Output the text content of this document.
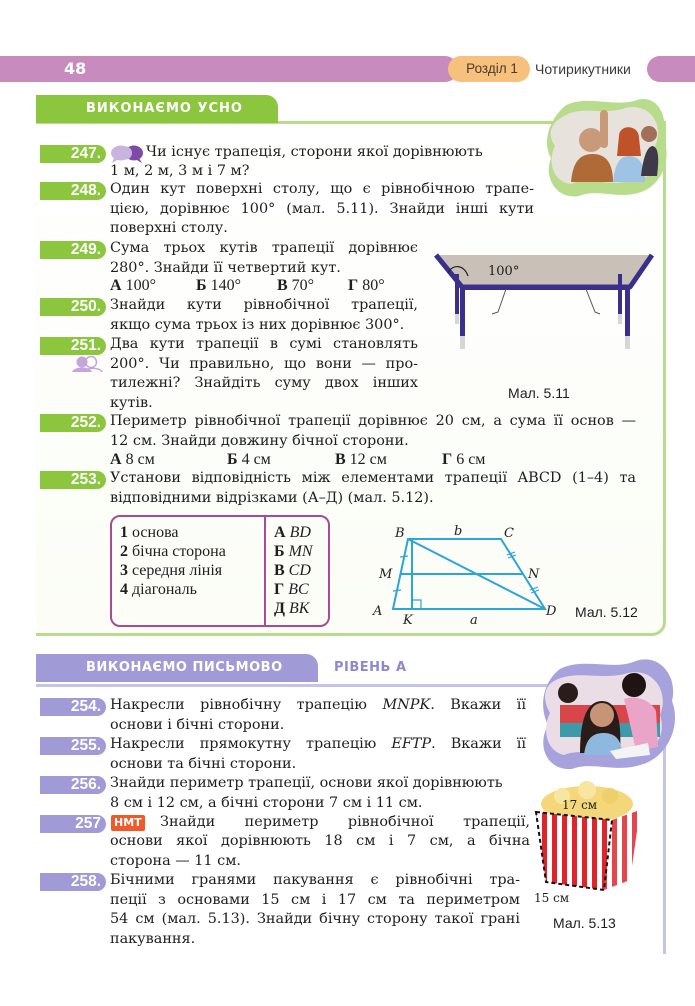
48	Розділ 1	Чотирикутники
ВИКОНАЄМО УСНО
247.	Чи існує трапеція, сторони якої дорівнюють
1 м, 2 м, 3 м і 7 м?
248. Один кут поверхні столу, що є рівнобічною трапе-
цією, дорівнює 100° (мал. 5.11). Знайди інші кути
поверхні столу.
249. Сума трьох кутів трапеції дорівнює
280°. Знайди її четвертий кут.
А 100°	Б 140° В 70° Г 80°
250. Знайди кути рівнобічної трапеції,
якщо сума трьох із них дорівнює 300°.
251. Два кути трапеції в сумі становлять
200°. Чи правильно, що вони — про-
тилежні? Знайдіть суму двох інших
кутів.
100°
Мал. 5.11
252. Периметр рівнобічної трапеції дорівнює 20 см, а сума її основ —
12 см. Знайди довжину бічної сторони.
А 8 см	Б 4 см	В 12 см	Г 6 см
253. Установи відповідність між елементами трапеції ABCD (1–4) та
відповідними відрізками (А–Д) (мал. 5.12).
1 основа
2 бічна сторона
3 середня лінія
4 діагональ
А BD
Б MN
В CD
Г BC
Д BK
B	b	C
M	N
A
K	a
D Мал. 5.12
ВИКОНАЄМО ПИСЬМОВО	РІВЕНЬ А
254. Накресли рівнобічну трапецію MNPK. Вкажи її
основи і бічні сторони.
255. Накресли прямокутну трапецію EFTP. Вкажи її
основи та бічні сторони.
256. Знайди периметр трапеції, основи якої дорівнюють
8 см і 12 см, а бічні сторони 7 см і 11 см.
257	НМТ Знайди периметр рівнобічної трапеції,
основи якої дорівнюють 18 см і 7 см, а бічна
сторона — 11 см.
258. Бічними гранями пакування є рівнобічні тра-
пеції з основами 15 см і 17 см та периметром
54 см (мал. 5.13). Знайди бічну сторону такої грані
пакування.
17 см
15 см
Мал. 5.13
